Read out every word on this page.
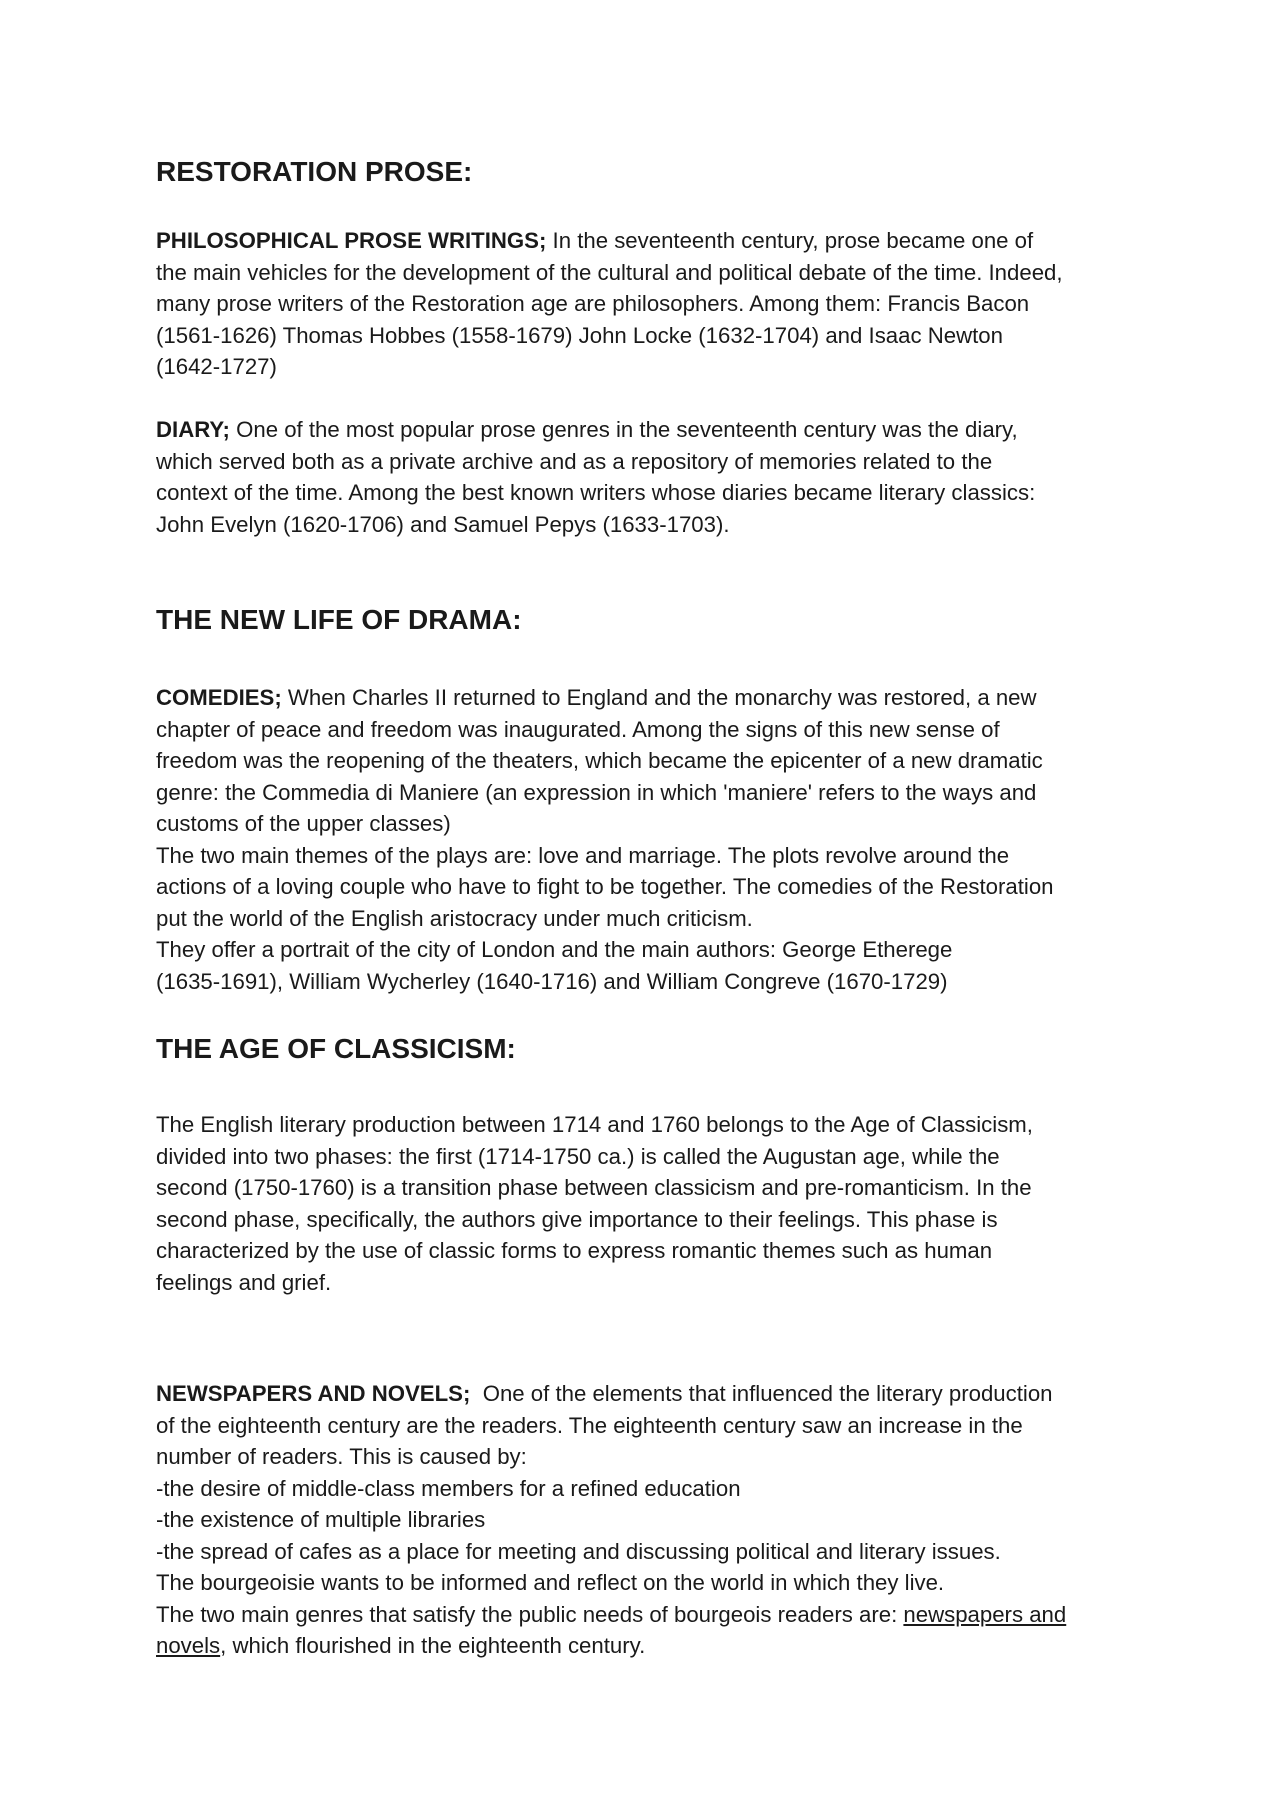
RESTORATION PROSE:
PHILOSOPHICAL PROSE WRITINGS; In the seventeenth century, prose became one of
the main vehicles for the development of the cultural and political debate of the time. Indeed,
many prose writers of the Restoration age are philosophers. Among them: Francis Bacon
(1561-1626) Thomas Hobbes (1558-1679) John Locke (1632-1704) and Isaac Newton
(1642-1727)
DIARY; One of the most popular prose genres in the seventeenth century was the diary,
which served both as a private archive and as a repository of memories related to the
context of the time. Among the best known writers whose diaries became literary classics:
John Evelyn (1620-1706) and Samuel Pepys (1633-1703).
THE NEW LIFE OF DRAMA:
COMEDIES; When Charles II returned to England and the monarchy was restored, a new
chapter of peace and freedom was inaugurated. Among the signs of this new sense of
freedom was the reopening of the theaters, which became the epicenter of a new dramatic
genre: the Commedia di Maniere (an expression in which 'maniere' refers to the ways and
customs of the upper classes)
The two main themes of the plays are: love and marriage. The plots revolve around the
actions of a loving couple who have to fight to be together. The comedies of the Restoration
put the world of the English aristocracy under much criticism.
They offer a portrait of the city of London and the main authors: George Etherege
(1635-1691), William Wycherley (1640-1716) and William Congreve (1670-1729)
THE AGE OF CLASSICISM:
The English literary production between 1714 and 1760 belongs to the Age of Classicism,
divided into two phases: the first (1714-1750 ca.) is called the Augustan age, while the
second (1750-1760) is a transition phase between classicism and pre-romanticism. In the
second phase, specifically, the authors give importance to their feelings. This phase is
characterized by the use of classic forms to express romantic themes such as human
feelings and grief.
NEWSPAPERS AND NOVELS;  One of the elements that influenced the literary production
of the eighteenth century are the readers. The eighteenth century saw an increase in the
number of readers. This is caused by:
-the desire of middle-class members for a refined education
-the existence of multiple libraries
-the spread of cafes as a place for meeting and discussing political and literary issues.
The bourgeoisie wants to be informed and reflect on the world in which they live.
The two main genres that satisfy the public needs of bourgeois readers are: newspapers and
novels, which flourished in the eighteenth century.
